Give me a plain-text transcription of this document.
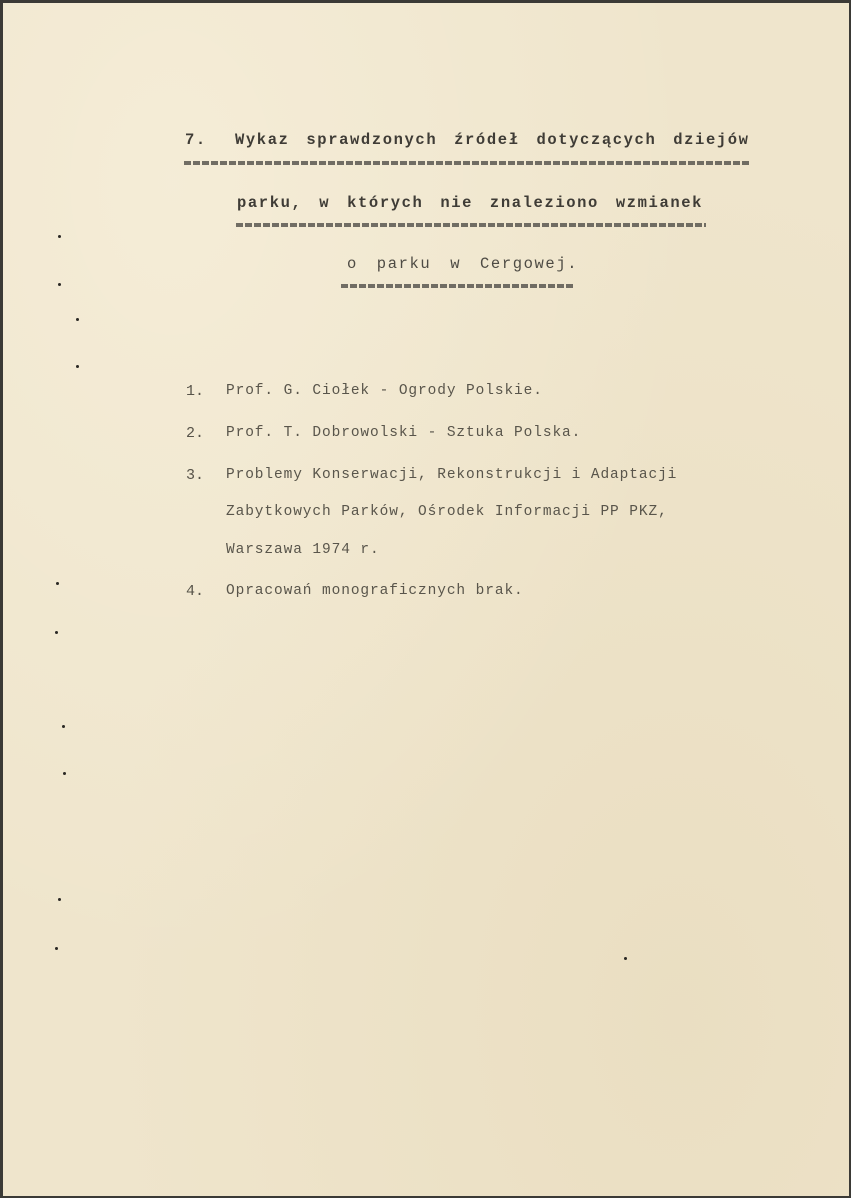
7. Wykaz sprawdzonych źródeł dotyczących dziejów
parku, w których nie znaleziono wzmianek
o parku w Cergowej.
1. Prof. G. Ciołek - Ogrody Polskie.
2. Prof. T. Dobrowolski - Sztuka Polska.
3. Problemy Konserwacji, Rekonstrukcji i Adaptacji
Zabytkowych Parków, Ośrodek Informacji PP PKZ,
Warszawa 1974 r.
4. Opracowań monograficznych brak.
